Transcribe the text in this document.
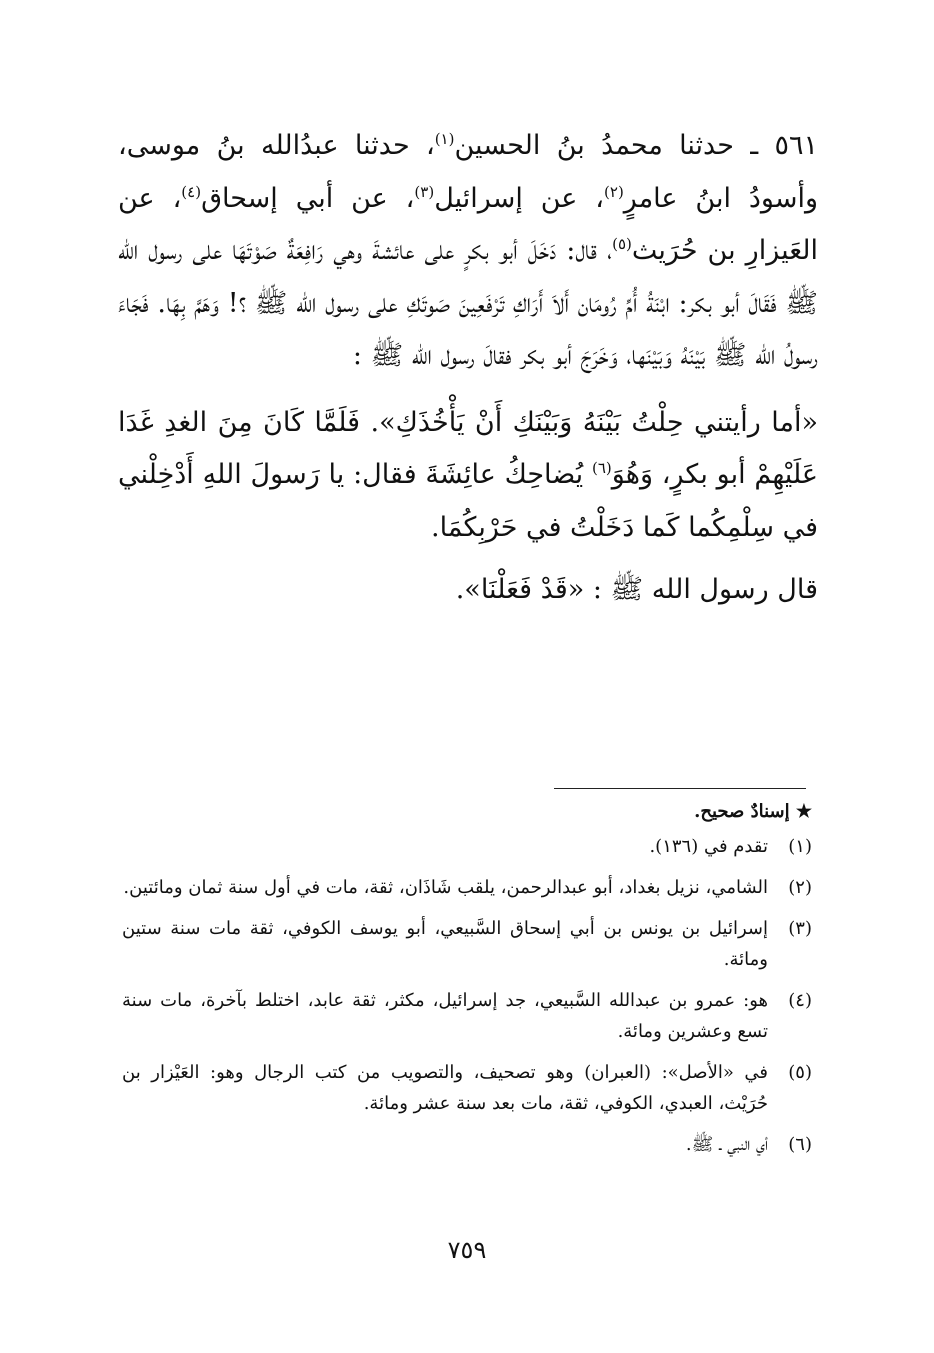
٥٦١ ـ حدثنا محمدُ بنُ الحسين$^{(١)}$، حدثنا عبدُالله بنُ موسى، وأسودُ ابنُ عامرٍ$^{(٢)}$، عن إسرائيل$^{(٣)}$، عن أبي إسحاق$^{(٤)}$، عن العَيزارِ بن حُرَيث$^{(٥)}$، قال: دَخَلَ أبو بكرٍ على عائشةَ وهي رَافِعَةٌ صَوْتَهَا على رسول الله ﷺ فَقَالَ أبو بكر: ابْنَةُ أُمِّ رُومَان أَلاَ أَرَاكِ تَرْفَعِينَ صَوتَكِ على رسول الله ﷺ ؟! وَهَمَّ بِهَا. فَجَاءَ رسولُ الله ﷺ بَيْنَهُ وَبَيْنَها، وَخَرَجَ أبو بكر فقالَ رسول الله ﷺ :

«أما رأيتني حِلْتُ بَيْنَهُ وَبَيْنَكِ أَنْ يَأْخُذَكِ». فَلَمَّا كَانَ مِنَ الغدِ غَدَا عَلَيْهِمْ أبو بكرٍ، وَهُوَ$^{(٦)}$ يُضاحِكُ عائِشَةَ فقال: يا رَسولَ اللهِ أَدْخِلْني في سِلْمِكُما كَما دَخَلْتُ في حَرْبِكُمَا.

قال رسول الله ﷺ : «قَدْ فَعَلْنَا».

★ إسنادٌ صحيح.
(١)
تقدم في (١٣٦).
(٢)
الشامي، نزيل بغداد، أبو عبدالرحمن، يلقب شَاذَان، ثقة، مات في أول سنة ثمان ومائتين.
(٣)
إسرائيل بن يونس بن أبي إسحاق السَّبيعي، أبو يوسف الكوفي، ثقة مات سنة ستين ومائة.
(٤)
هو: عمرو بن عبدالله السَّبيعي، جد إسرائيل، مكثر، ثقة عابد، اختلط بآخرة، مات سنة تسع وعشرين ومائة.
(٥)
في «الأصل»: (العبران) وهو تصحيف، والتصويب من كتب الرجال وهو: العَيْزار بن حُرَيْث، العبدي، الكوفي، ثقة، مات بعد سنة عشر ومائة.
(٦)
أي النبي ـ ﷺ.
٧٥٩
